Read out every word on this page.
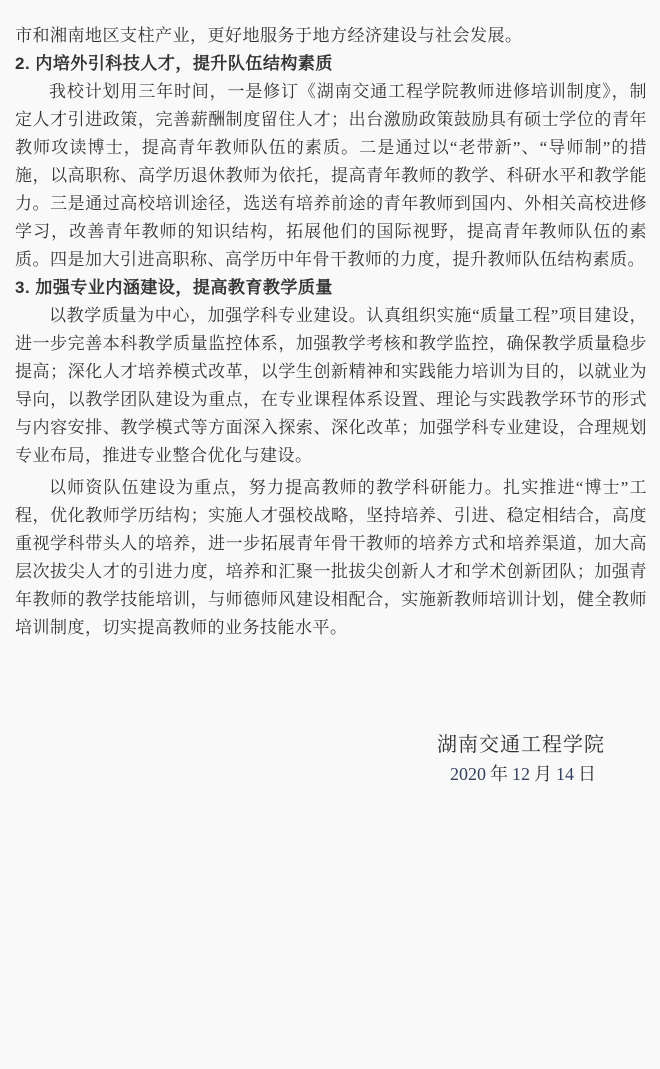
市和湘南地区支柱产业，更好地服务于地方经济建设与社会发展。

2. 内培外引科技人才，提升队伍结构素质

我校计划用三年时间，一是修订《湖南交通工程学院教师进修培训制度》，制定人才引进政策，完善薪酬制度留住人才；出台激励政策鼓励具有硕士学位的青年教师攻读博士，提高青年教师队伍的素质。二是通过以“老带新”、“导师制”的措施，以高职称、高学历退休教师为依托，提高青年教师的教学、科研水平和教学能力。三是通过高校培训途径，选送有培养前途的青年教师到国内、外相关高校进修学习，改善青年教师的知识结构，拓展他们的国际视野，提高青年教师队伍的素质。四是加大引进高职称、高学历中年骨干教师的力度，提升教师队伍结构素质。

3. 加强专业内涵建设，提高教育教学质量

以教学质量为中心，加强学科专业建设。认真组织实施“质量工程”项目建设，进一步完善本科教学质量监控体系，加强教学考核和教学监控，确保教学质量稳步提高；深化人才培养模式改革，以学生创新精神和实践能力培训为目的，以就业为导向，以教学团队建设为重点，在专业课程体系设置、理论与实践教学环节的形式与内容安排、教学模式等方面深入探索、深化改革；加强学科专业建设，合理规划专业布局，推进专业整合优化与建设。

以师资队伍建设为重点，努力提高教师的教学科研能力。扎实推进“博士”工程，优化教师学历结构；实施人才强校战略，坚持培养、引进、稳定相结合，高度重视学科带头人的培养，进一步拓展青年骨干教师的培养方式和培养渠道，加大高层次拔尖人才的引进力度，培养和汇聚一批拔尖创新人才和学术创新团队；加强青年教师的教学技能培训，与师德师风建设相配合，实施新教师培训计划，健全教师培训制度，切实提高教师的业务技能水平。

湖南交通工程学院
2020 年 12 月 14 日
